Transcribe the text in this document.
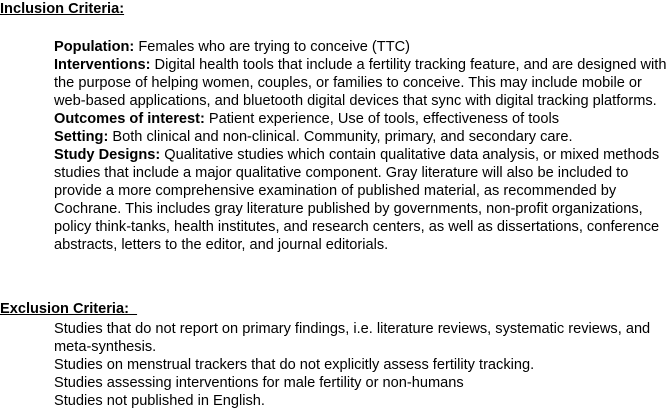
Inclusion Criteria:

Population: Females who are trying to conceive (TTC)

Interventions: Digital health tools that include a fertility tracking feature, and are designed with the purpose of helping women, couples, or families to conceive. This may include mobile or web-based applications, and bluetooth digital devices that sync with digital tracking platforms.

Outcomes of interest: Patient experience, Use of tools, effectiveness of tools

Setting: Both clinical and non-clinical. Community, primary, and secondary care.

Study Designs: Qualitative studies which contain qualitative data analysis, or mixed methods studies that include a major qualitative component. Gray literature will also be included to provide a more comprehensive examination of published material, as recommended by Cochrane. This includes gray literature published by governments, non-profit organizations, policy think-tanks, health institutes, and research centers, as well as dissertations, conference abstracts, letters to the editor, and journal editorials.

Exclusion Criteria:

Studies that do not report on primary findings, i.e. literature reviews, systematic reviews, and meta-synthesis.

Studies on menstrual trackers that do not explicitly assess fertility tracking.

Studies assessing interventions for male fertility or non-humans

Studies not published in English.
